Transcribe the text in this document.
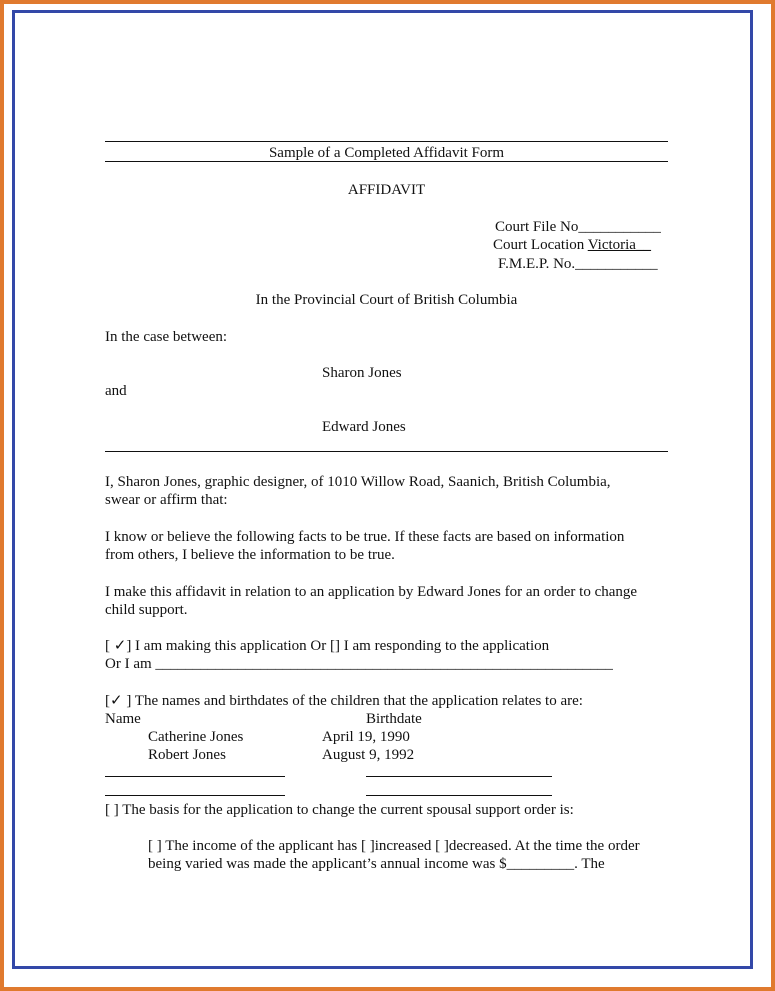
Sample of a Completed Affidavit Form
AFFIDAVIT
Court File No___________
Court Location Victoria__
F.M.E.P. No.___________
In the Provincial Court of British Columbia
In the case between:
Sharon Jones
and
Edward Jones
I, Sharon Jones, graphic designer, of 1010 Willow Road, Saanich, British Columbia,
swear or affirm that:
I know or believe the following facts to be true. If these facts are based on information
from others, I believe the information to be true.
I make this affidavit in relation to an application by Edward Jones for an order to change
child support.
[ ✓] I am making this application Or [] I am responding to the application
Or I am _____________________________________________________________
[✓ ] The names and birthdates of the children that the application relates to are:
Name	Birthdate
Catherine Jones	April 19, 1990
Robert Jones	August 9, 1992
[ ] The basis for the application to change the current spousal support order is:
[ ] The income of the applicant has [ ]increased [ ]decreased. At the time the order
being varied was made the applicant’s annual income was $_________. The
